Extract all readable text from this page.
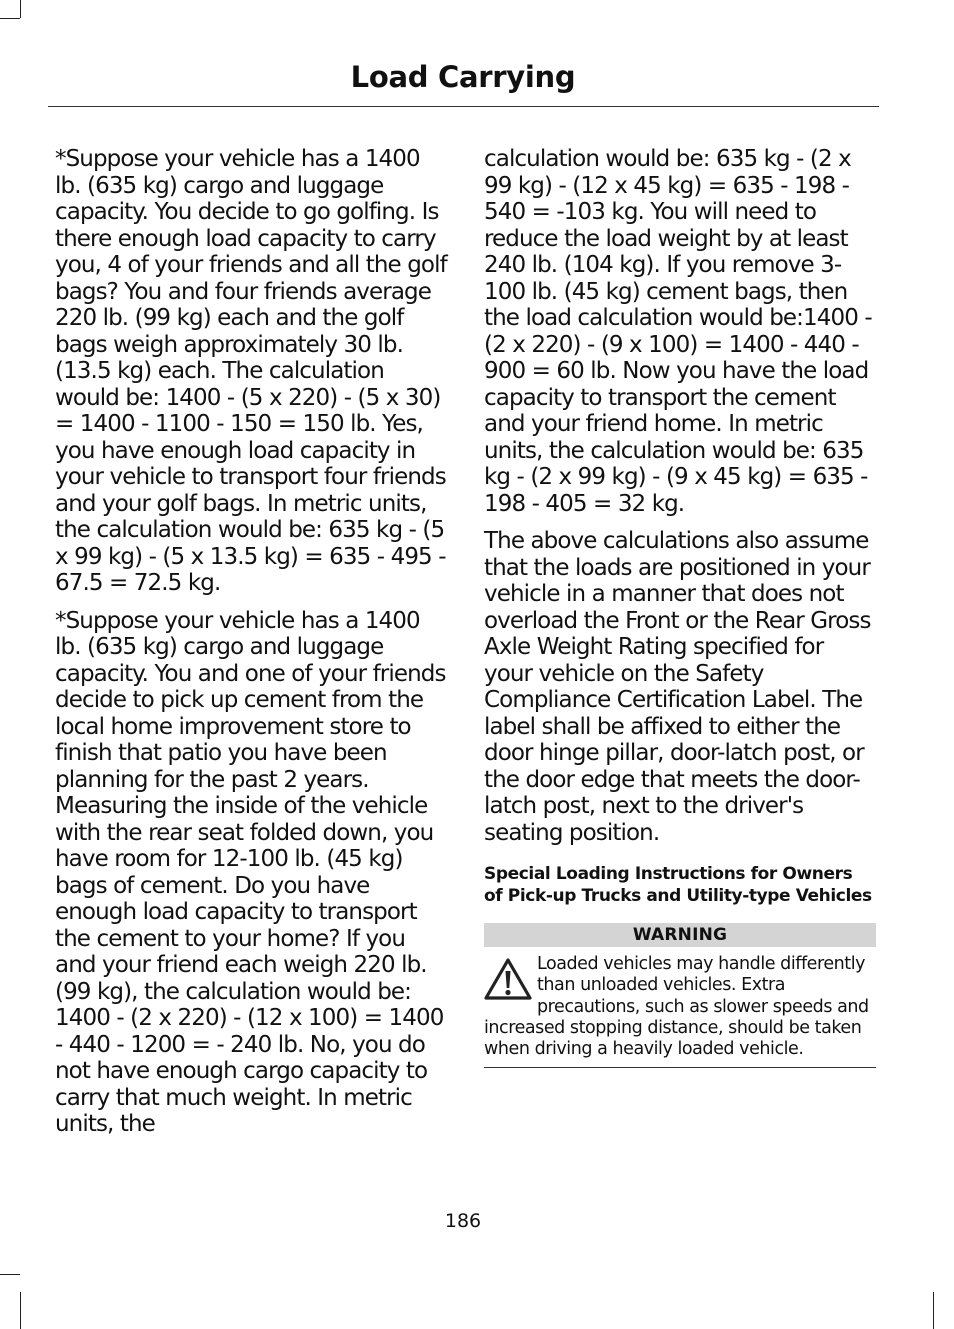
Load Carrying

*Suppose your vehicle has a 1400 lb. (635 kg) cargo and luggage capacity. You decide to go golfing. Is there enough load capacity to carry you, 4 of your friends and all the golf bags? You and four friends average 220 lb. (99 kg) each and the golf bags weigh approximately 30 lb. (13.5 kg) each. The calculation would be: 1400 - (5 x 220) - (5 x 30) = 1400 - 1100 - 150 = 150 lb. Yes, you have enough load capacity in your vehicle to transport four friends and your golf bags. In metric units, the calculation would be: 635 kg - (5 x 99 kg) - (5 x 13.5 kg) = 635 - 495 - 67.5 = 72.5 kg.

*Suppose your vehicle has a 1400 lb. (635 kg) cargo and luggage capacity. You and one of your friends decide to pick up cement from the local home improvement store to finish that patio you have been planning for the past 2 years. Measuring the inside of the vehicle with the rear seat folded down, you have room for 12-100 lb. (45 kg) bags of cement. Do you have enough load capacity to transport the cement to your home? If you and your friend each weigh 220 lb. (99 kg), the calculation would be: 1400 - (2 x 220) - (12 x 100) = 1400 - 440 - 1200 = - 240 lb. No, you do not have enough cargo capacity to carry that much weight. In metric units, the

calculation would be: 635 kg - (2 x 99 kg) - (12 x 45 kg) = 635 - 198 - 540 = -103 kg. You will need to reduce the load weight by at least 240 lb. (104 kg). If you remove 3-100 lb. (45 kg) cement bags, then the load calculation would be:1400 - (2 x 220) - (9 x 100) = 1400 - 440 - 900 = 60 lb. Now you have the load capacity to transport the cement and your friend home. In metric units, the calculation would be: 635 kg - (2 x 99 kg) - (9 x 45 kg) = 635 - 198 - 405 = 32 kg.

The above calculations also assume that the loads are positioned in your vehicle in a manner that does not overload the Front or the Rear Gross Axle Weight Rating specified for your vehicle on the Safety Compliance Certification Label. The label shall be affixed to either the door hinge pillar, door-latch post, or the door edge that meets the door-latch post, next to the driver's seating position.

Special Loading Instructions for Owners of Pick-up Trucks and Utility-type Vehicles
WARNING
Loaded vehicles may handle differently than unloaded vehicles. Extra precautions, such as slower speeds and increased stopping distance, should be taken when driving a heavily loaded vehicle.
186
